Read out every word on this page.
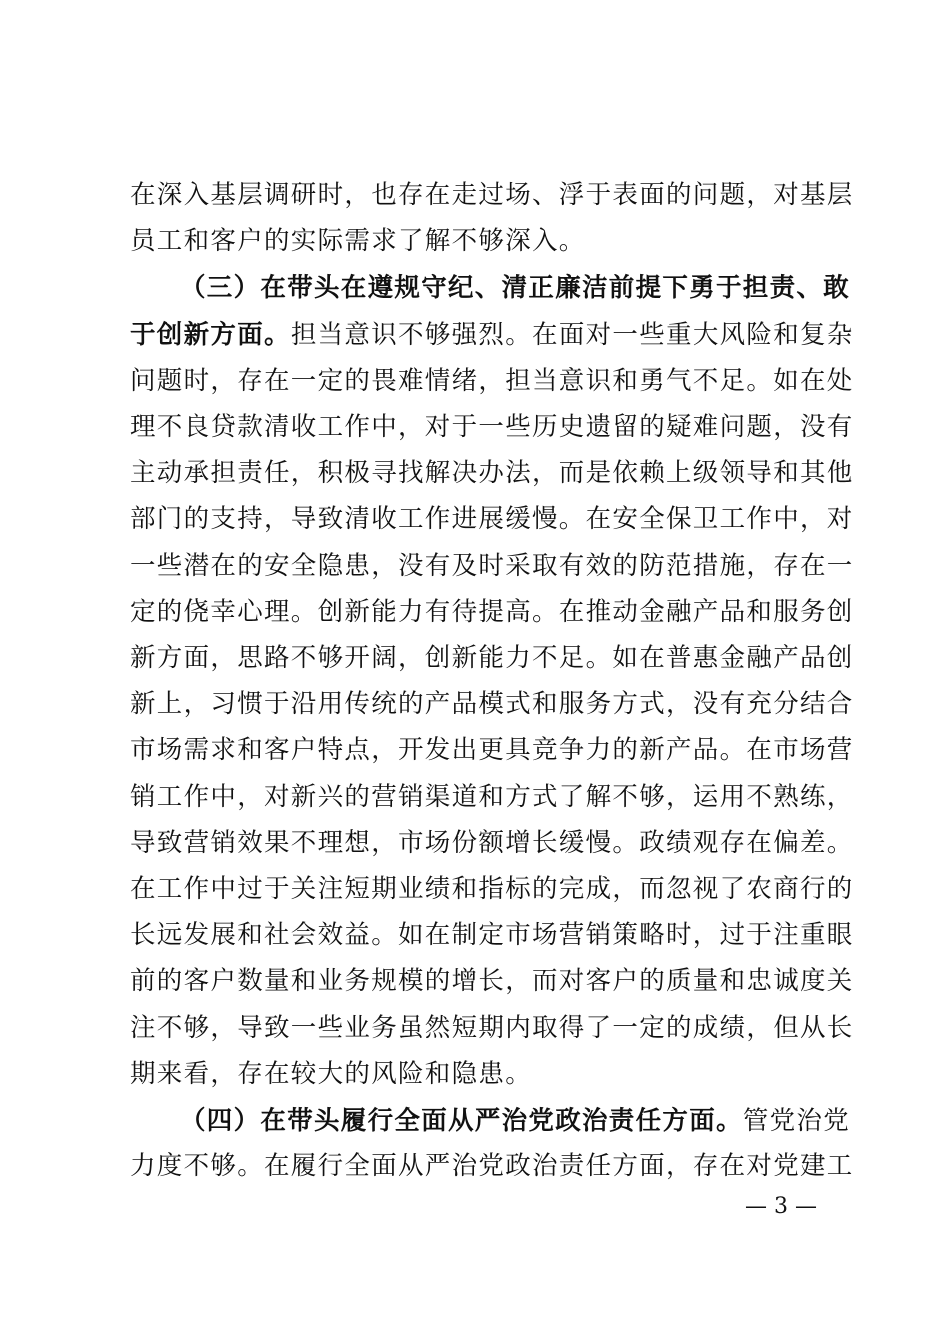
在深入基层调研时，也存在走过场、浮于表面的问题，对基层
员工和客户的实际需求了解不够深入。
（三）在带头在遵规守纪、清正廉洁前提下勇于担责、敢
于创新方面。担当意识不够强烈。在面对一些重大风险和复杂
问题时，存在一定的畏难情绪，担当意识和勇气不足。如在处
理不良贷款清收工作中，对于一些历史遗留的疑难问题，没有
主动承担责任，积极寻找解决办法，而是依赖上级领导和其他
部门的支持，导致清收工作进展缓慢。在安全保卫工作中，对
一些潜在的安全隐患，没有及时采取有效的防范措施，存在一
定的侥幸心理。创新能力有待提高。在推动金融产品和服务创
新方面，思路不够开阔，创新能力不足。如在普惠金融产品创
新上，习惯于沿用传统的产品模式和服务方式，没有充分结合
市场需求和客户特点，开发出更具竞争力的新产品。在市场营
销工作中，对新兴的营销渠道和方式了解不够，运用不熟练，
导致营销效果不理想，市场份额增长缓慢。政绩观存在偏差。
在工作中过于关注短期业绩和指标的完成，而忽视了农商行的
长远发展和社会效益。如在制定市场营销策略时，过于注重眼
前的客户数量和业务规模的增长，而对客户的质量和忠诚度关
注不够，导致一些业务虽然短期内取得了一定的成绩，但从长
期来看，存在较大的风险和隐患。
（四）在带头履行全面从严治党政治责任方面。管党治党
力度不够。在履行全面从严治党政治责任方面，存在对党建工
— 3 —
